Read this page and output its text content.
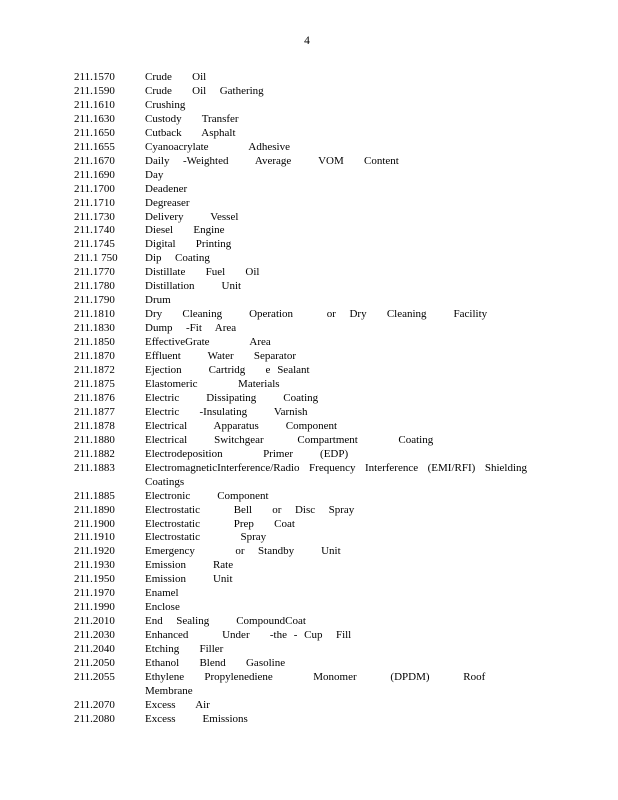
4
211.1570	Crude   Oil
211.1590	Crude   Oil  Gathering
211.1610	Crushing
211.1630	Custody   Transfer
211.1650	Cutback   Asphalt
211.1655	Cyanoacrylate      Adhesive
211.1670	Daily  -Weighted    Average    VOM   Content
211.1690	Day
211.1700	Deadener
211.1710	Degreaser
211.1730	Delivery    Vessel
211.1740	Diesel   Engine
211.1745	Digital   Printing
211.1 750	Dip  Coating
211.1770	Distillate   Fuel   Oil
211.1780	Distillation    Unit
211.1790	Drum
211.1810	Dry   Cleaning    Operation     or  Dry   Cleaning    Facility
211.1830	Dump  -Fit  Area
211.1850	EffectiveGrate      Area
211.1870	Effluent    Water   Separator
211.1872	Ejection    Cartridg   e Sealant
211.1875	Elastomeric      Materials
211.1876	Electric    Dissipating    Coating
211.1877	Electric   -Insulating    Varnish
211.1878	Electrical    Apparatus    Component
211.1880	Electrical    Switchgear     Compartment      Coating
211.1882	Electrodeposition      Primer    (EDP)
211.1883	ElectromagneticInterference/Radio Frequency Interference (EMI/RFI) Shielding
Coatings
211.1885	Electronic    Component
211.1890	Electrostatic     Bell   or  Disc  Spray
211.1900	Electrostatic     Prep   Coat
211.1910	Electrostatic      Spray
211.1920	Emergency      or  Standby    Unit
211.1930	Emission    Rate
211.1950	Emission    Unit
211.1970	Enamel
211.1990	Enclose
211.2010	End  Sealing    CompoundCoat
211.2030	Enhanced     Under   -the - Cup  Fill
211.2040	Etching   Filler
211.2050	Ethanol   Blend   Gasoline
211.2055	Ethylene   Propylenediene      Monomer     (DPDM)     Roof   Membrane
211.2070	Excess   Air
211.2080	Excess    Emissions
